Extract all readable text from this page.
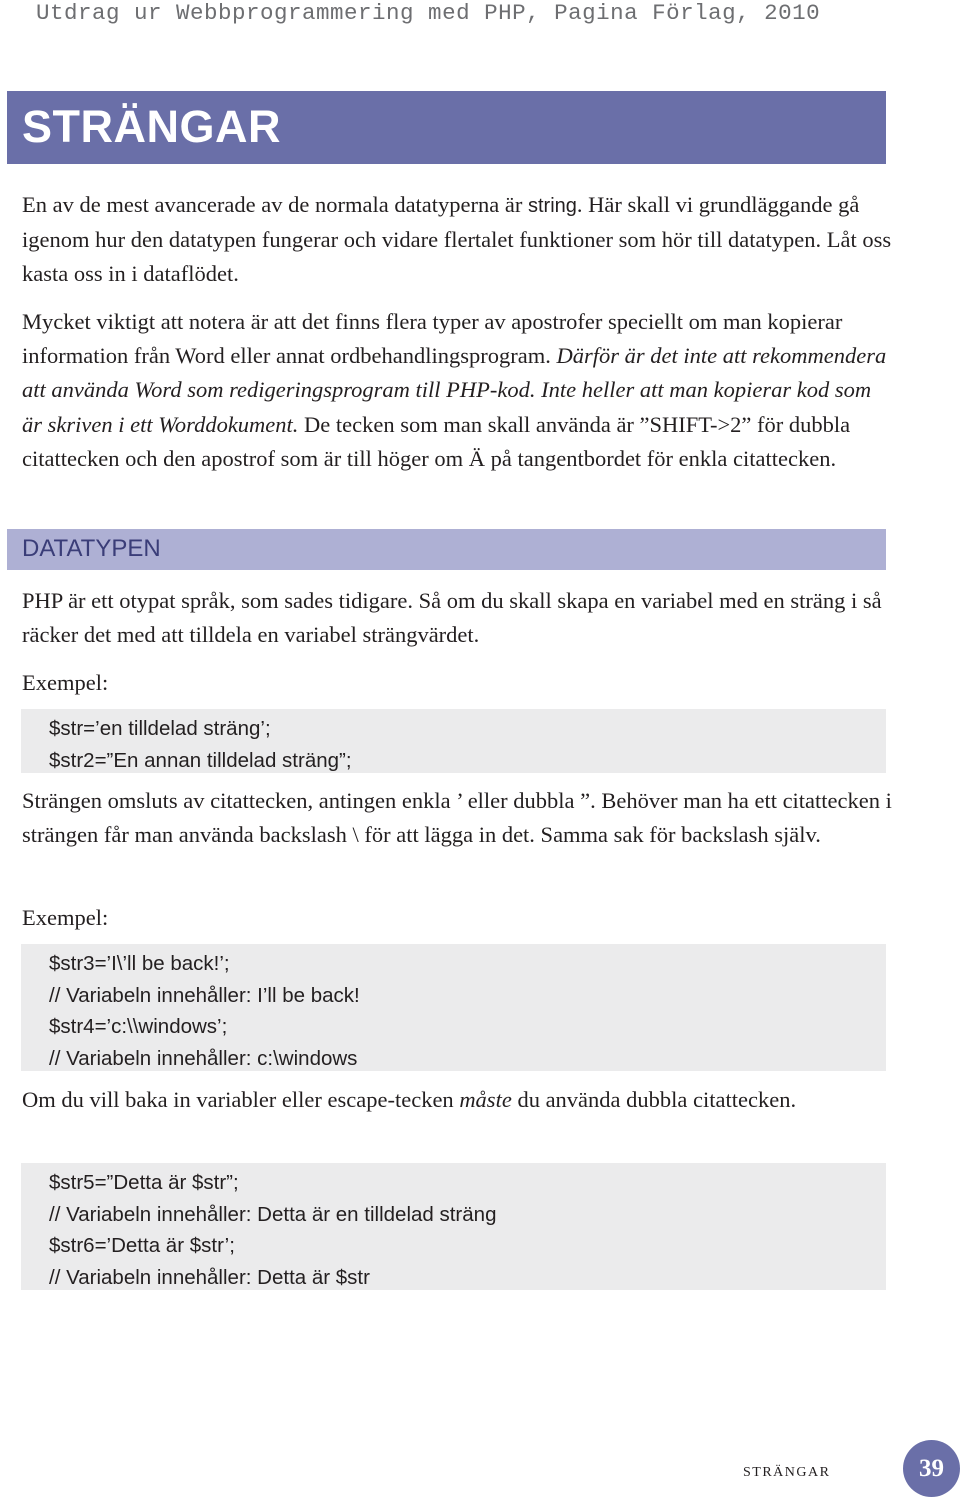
Utdrag ur Webbprogrammering med PHP, Pagina Förlag, 2010
STRÄNGAR

En av de mest avancerade av de normala datatyperna är string. Här skall vi grundläggande gå igenom hur den datatypen fungerar och vidare flertalet funktioner som hör till datatypen. Låt oss kasta oss in i dataflödet.

Mycket viktigt att notera är att det finns flera typer av apostrofer speciellt om man kopierar information från Word eller annat ordbehandlingsprogram. Därför är det inte att rekommendera att använda Word som redigeringsprogram till PHP-kod. Inte heller att man kopierar kod som är skriven i ett Worddokument. De tecken som man skall använda är ”SHIFT->2” för dubbla citattecken och den apostrof som är till höger om Ä på tangentbordet för enkla citattecken.

DATATYPEN

PHP är ett otypat språk, som sades tidigare. Så om du skall skapa en variabel med en sträng i så räcker det med att tilldela en variabel strängvärdet.

Exempel:

$str=’en tilldelad sträng’;
$str2=”En annan tilldelad sträng”;

Strängen omsluts av citattecken, antingen enkla ’ eller dubbla ”. Behöver man ha ett citattecken i strängen får man använda backslash \ för att lägga in det. Samma sak för backslash själv.

Exempel:

$str3=’I\’ll be back!’;
// Variabeln innehåller: I’ll be back!
$str4=’c:\\windows’;
// Variabeln innehåller: c:\windows

Om du vill baka in variabler eller escape-tecken måste du använda dubbla citattecken.

$str5=”Detta är $str”;
// Variabeln innehåller: Detta är en tilldelad sträng
$str6=’Detta är $str’;
// Variabeln innehåller: Detta är $str
strängar	39
